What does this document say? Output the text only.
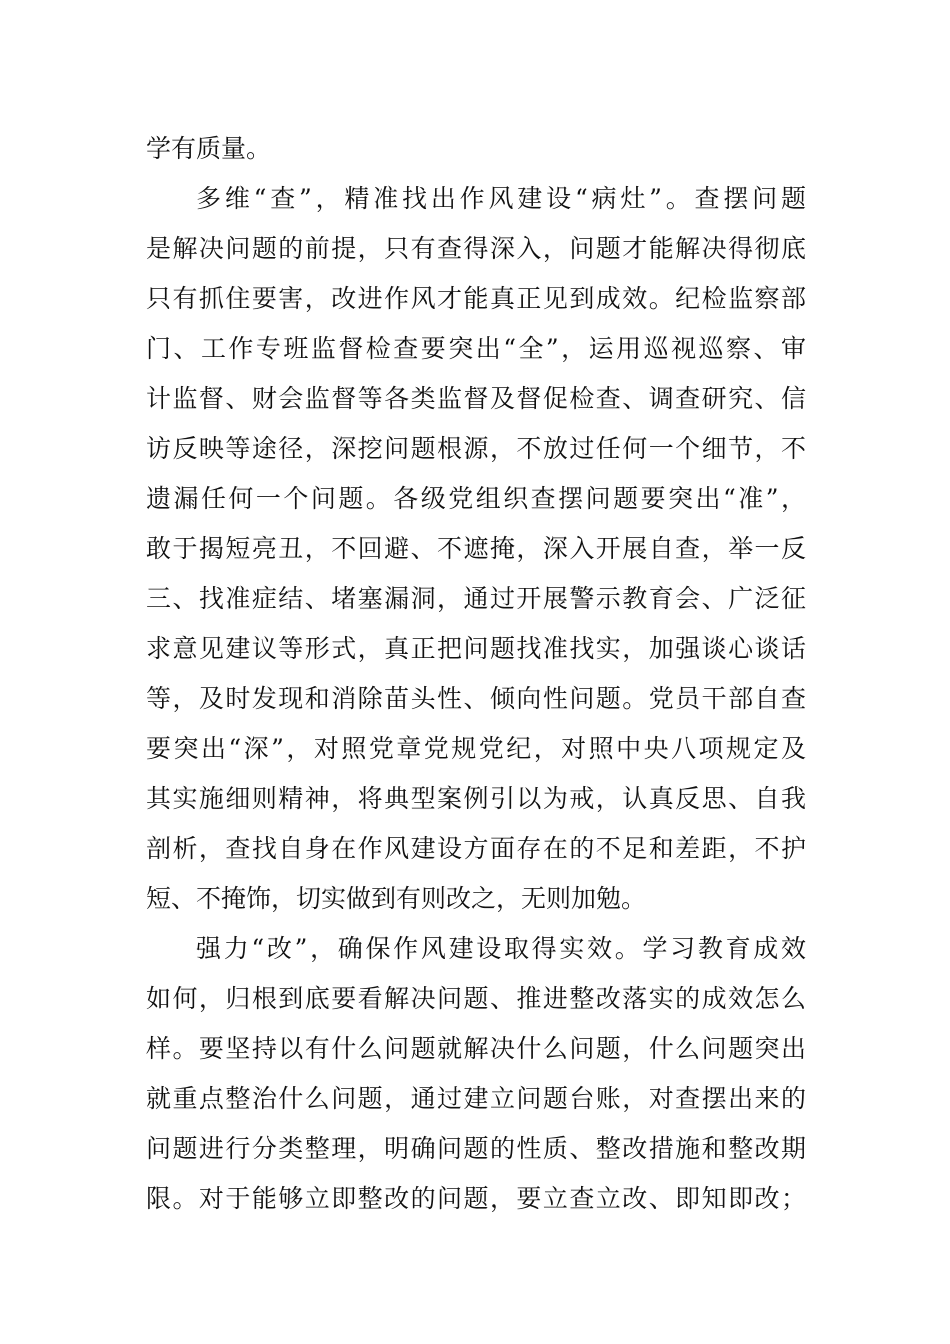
学有质量。
多维“查”，精准找出作风建设“病灶”。查摆问题
是解决问题的前提，只有查得深入，问题才能解决得彻底
只有抓住要害，改进作风才能真正见到成效。纪检监察部
门、工作专班监督检查要突出“全”，运用巡视巡察、审
计监督、财会监督等各类监督及督促检查、调查研究、信
访反映等途径，深挖问题根源，不放过任何一个细节，不
遗漏任何一个问题。各级党组织查摆问题要突出“准”，
敢于揭短亮丑，不回避、不遮掩，深入开展自查，举一反
三、找准症结、堵塞漏洞，通过开展警示教育会、广泛征
求意见建议等形式，真正把问题找准找实，加强谈心谈话
等，及时发现和消除苗头性、倾向性问题。党员干部自查
要突出“深”，对照党章党规党纪，对照中央八项规定及
其实施细则精神，将典型案例引以为戒，认真反思、自我
剖析，查找自身在作风建设方面存在的不足和差距，不护
短、不掩饰，切实做到有则改之，无则加勉。
强力“改”，确保作风建设取得实效。学习教育成效
如何，归根到底要看解决问题、推进整改落实的成效怎么
样。要坚持以有什么问题就解决什么问题，什么问题突出
就重点整治什么问题，通过建立问题台账，对查摆出来的
问题进行分类整理，明确问题的性质、整改措施和整改期
限。对于能够立即整改的问题，要立查立改、即知即改；
